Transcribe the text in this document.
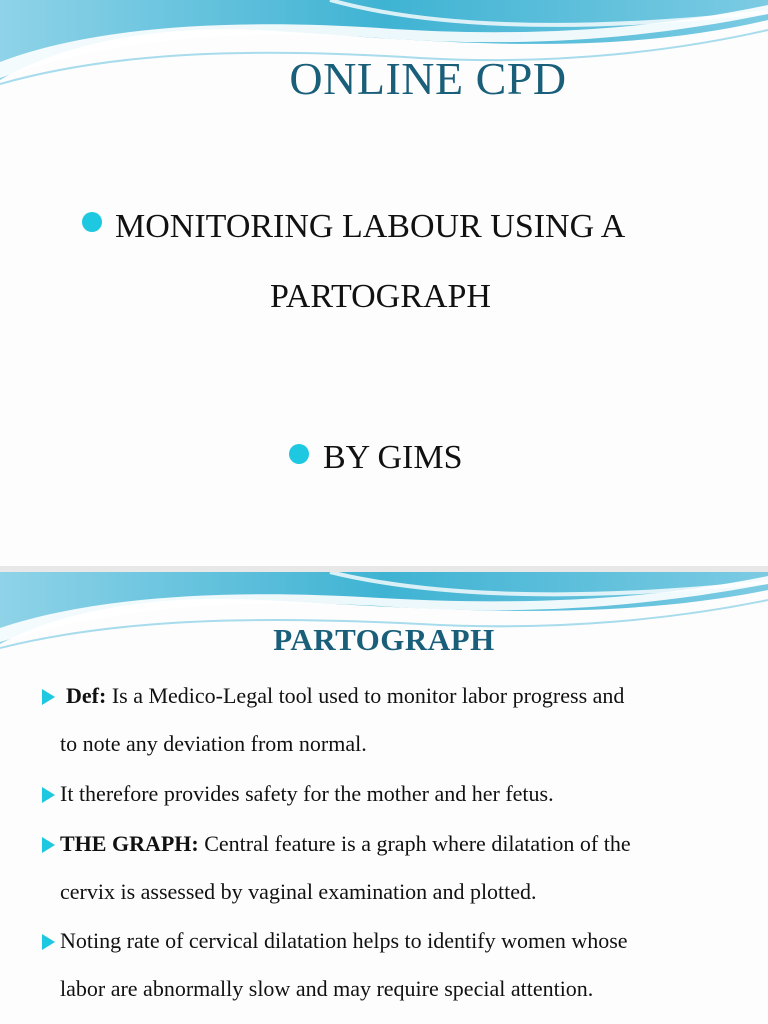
ONLINE CPD
MONITORING LABOUR USING A
PARTOGRAPH
BY GIMS
PARTOGRAPH
Def: Is a Medico-Legal tool used to monitor labor progress and
to note any deviation from normal.
It therefore provides safety for the mother and her fetus.
THE GRAPH: Central feature is a graph where dilatation of the
cervix is assessed by vaginal examination and plotted.
Noting rate of cervical dilatation helps to identify women whose
labor are abnormally slow and may require special attention.
